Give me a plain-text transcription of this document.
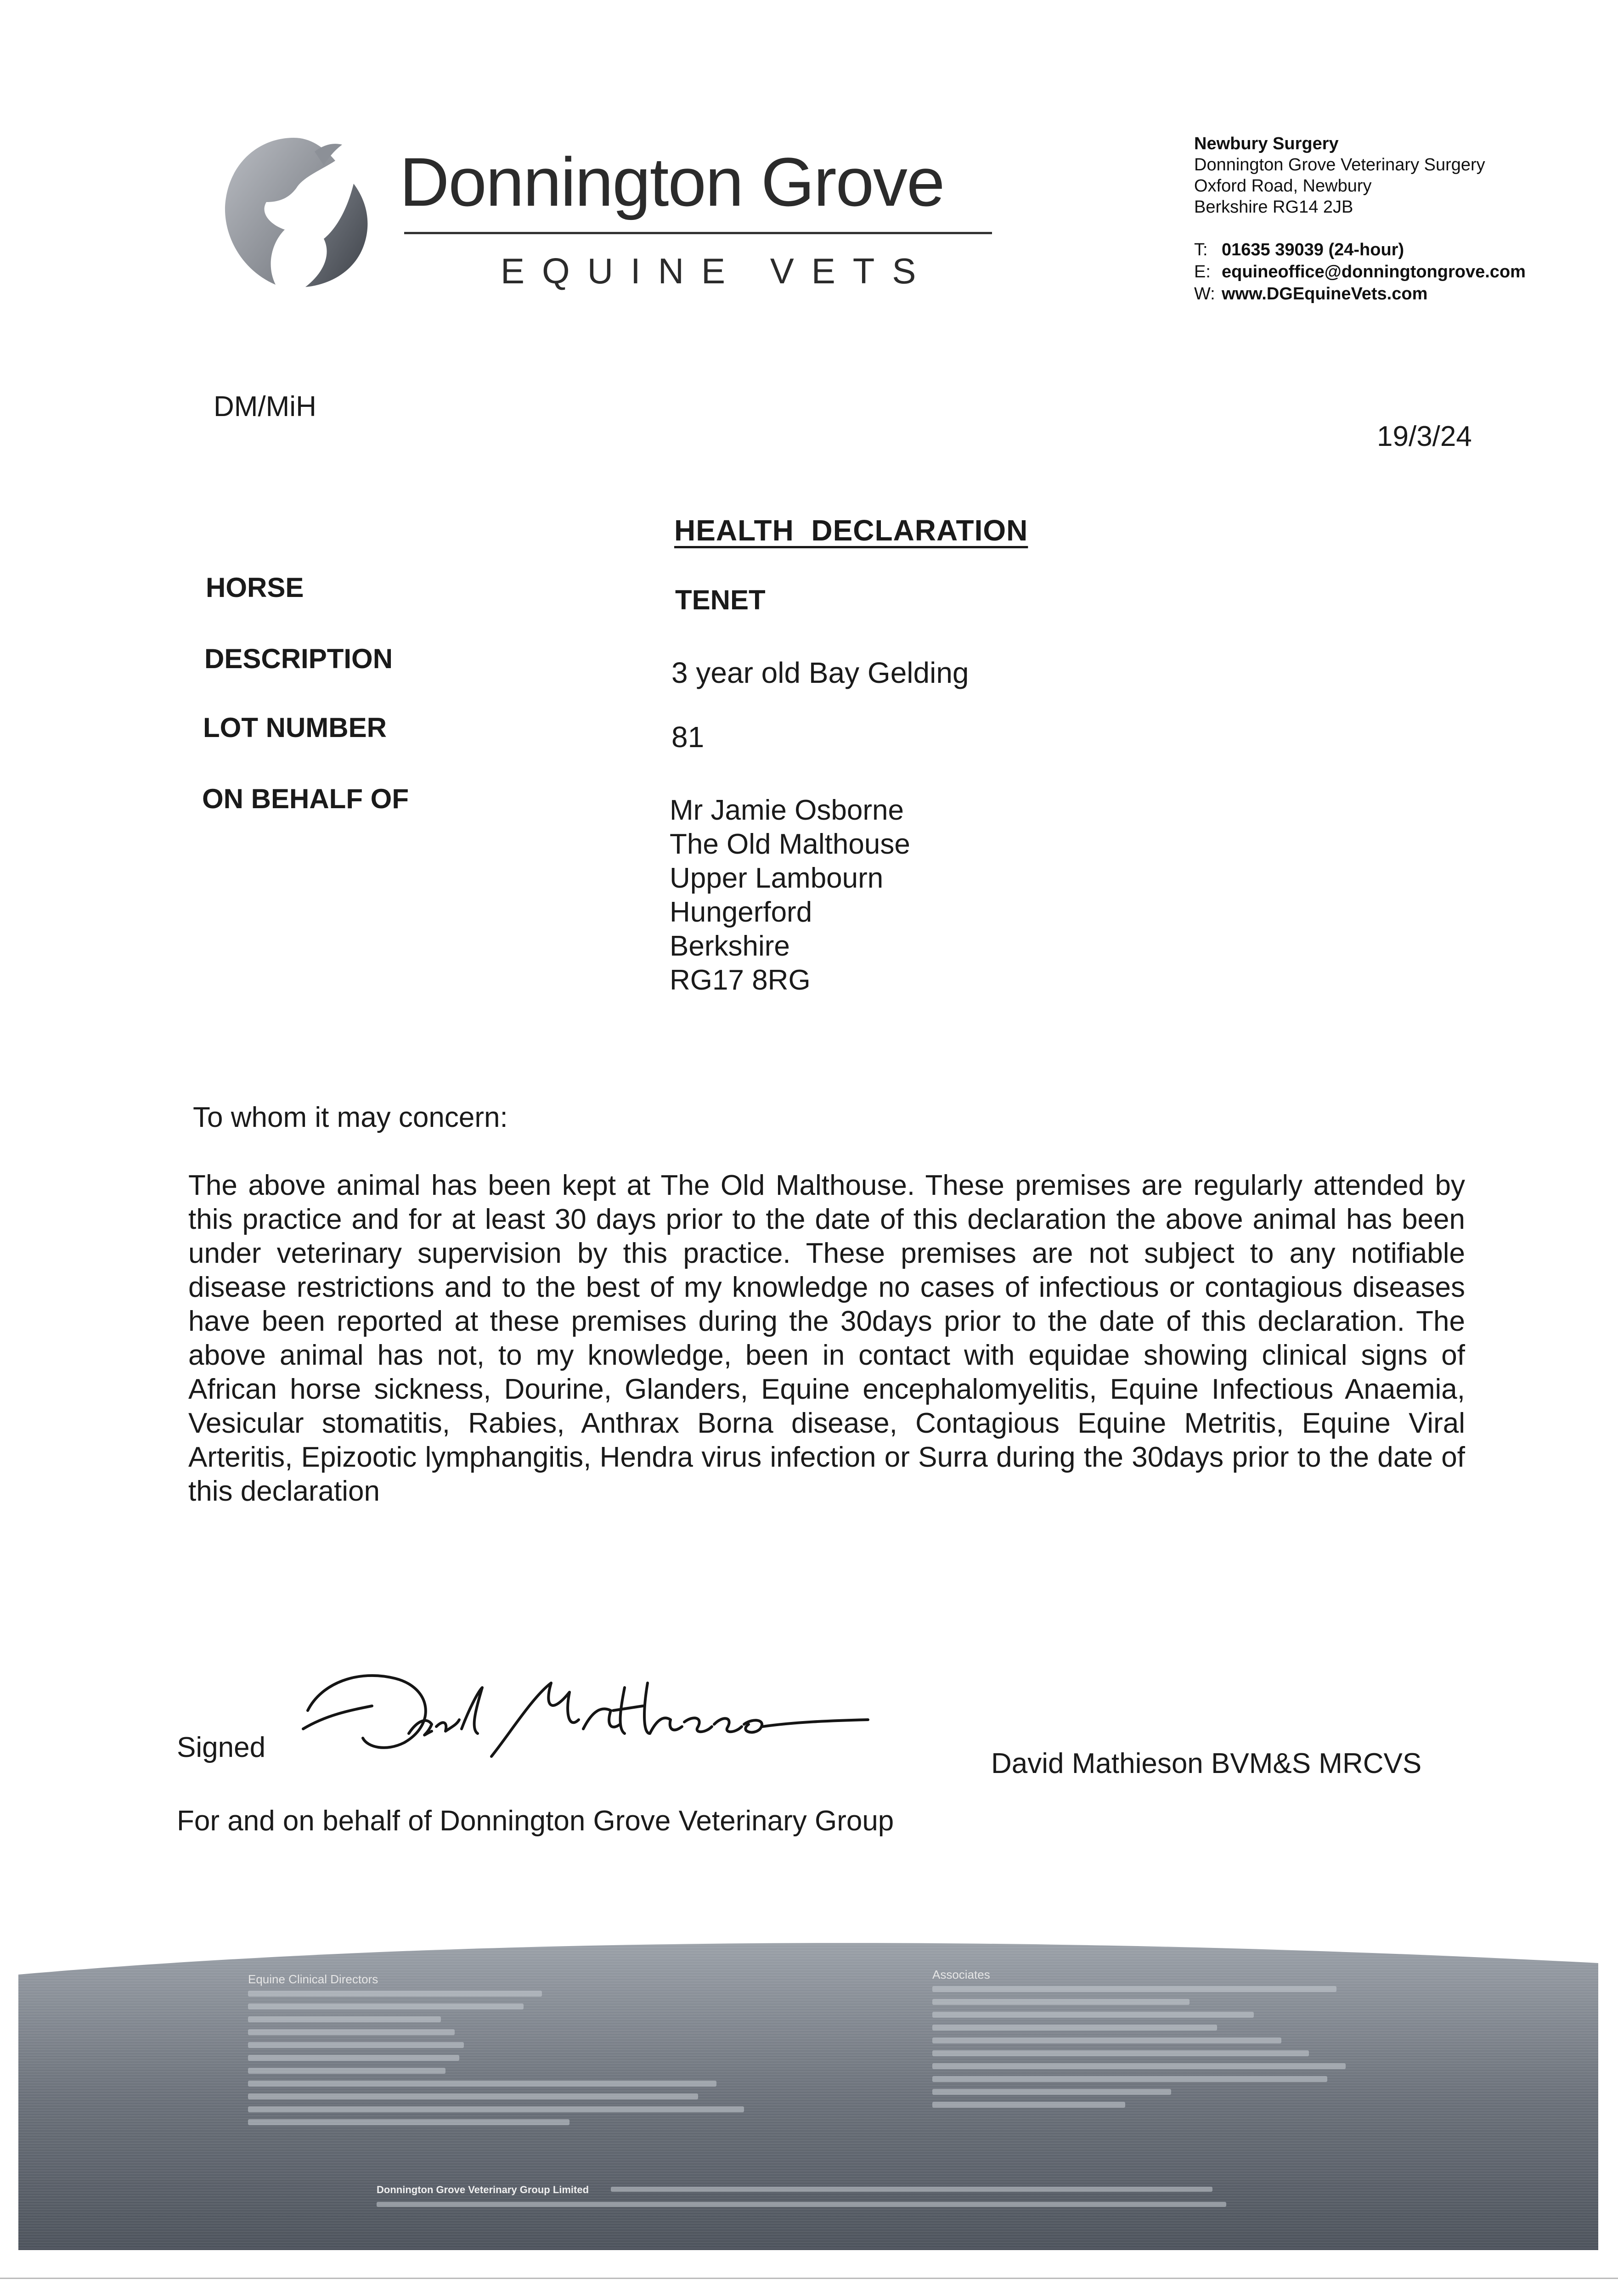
Donnington Grove
EQUINE VETS
Newbury Surgery
Donnington Grove Veterinary Surgery
Oxford Road, Newbury
Berkshire RG14 2JB
T: 01635 39039 (24-hour)
E: equineoffice@donningtongrove.com
W: www.DGEquineVets.com
DM/MiH
19/3/24
HEALTH  DECLARATION
HORSE	TENET
DESCRIPTION	3 year old Bay Gelding
LOT NUMBER	81
ON BEHALF OF	Mr Jamie Osborne
The Old Malthouse
Upper Lambourn
Hungerford
Berkshire
RG17 8RG
To whom it may concern:
The above animal has been kept at The Old Malthouse. These premises are regularly attended by this practice and for at least 30 days prior to the date of this declaration the above animal has been under veterinary supervision by this practice. These premises are not subject to any notifiable disease restrictions and to the best of my knowledge no cases of infectious or contagious diseases have been reported at these premises during the 30days prior to the date of this declaration. The above animal has not, to my knowledge, been in contact with equidae showing clinical signs of African horse sickness, Dourine, Glanders, Equine encephalomyelitis, Equine Infectious Anaemia, Vesicular stomatitis, Rabies, Anthrax Borna disease, Contagious Equine Metritis, Equine Viral Arteritis, Epizootic lymphangitis, Hendra virus infection or Surra during the 30days prior to the date of this declaration
Signed
David Mathieson BVM&S MRCVS
For and on behalf of Donnington Grove Veterinary Group
Equine Clinical Directors	Associates
Donnington Grove Veterinary Group Limited
